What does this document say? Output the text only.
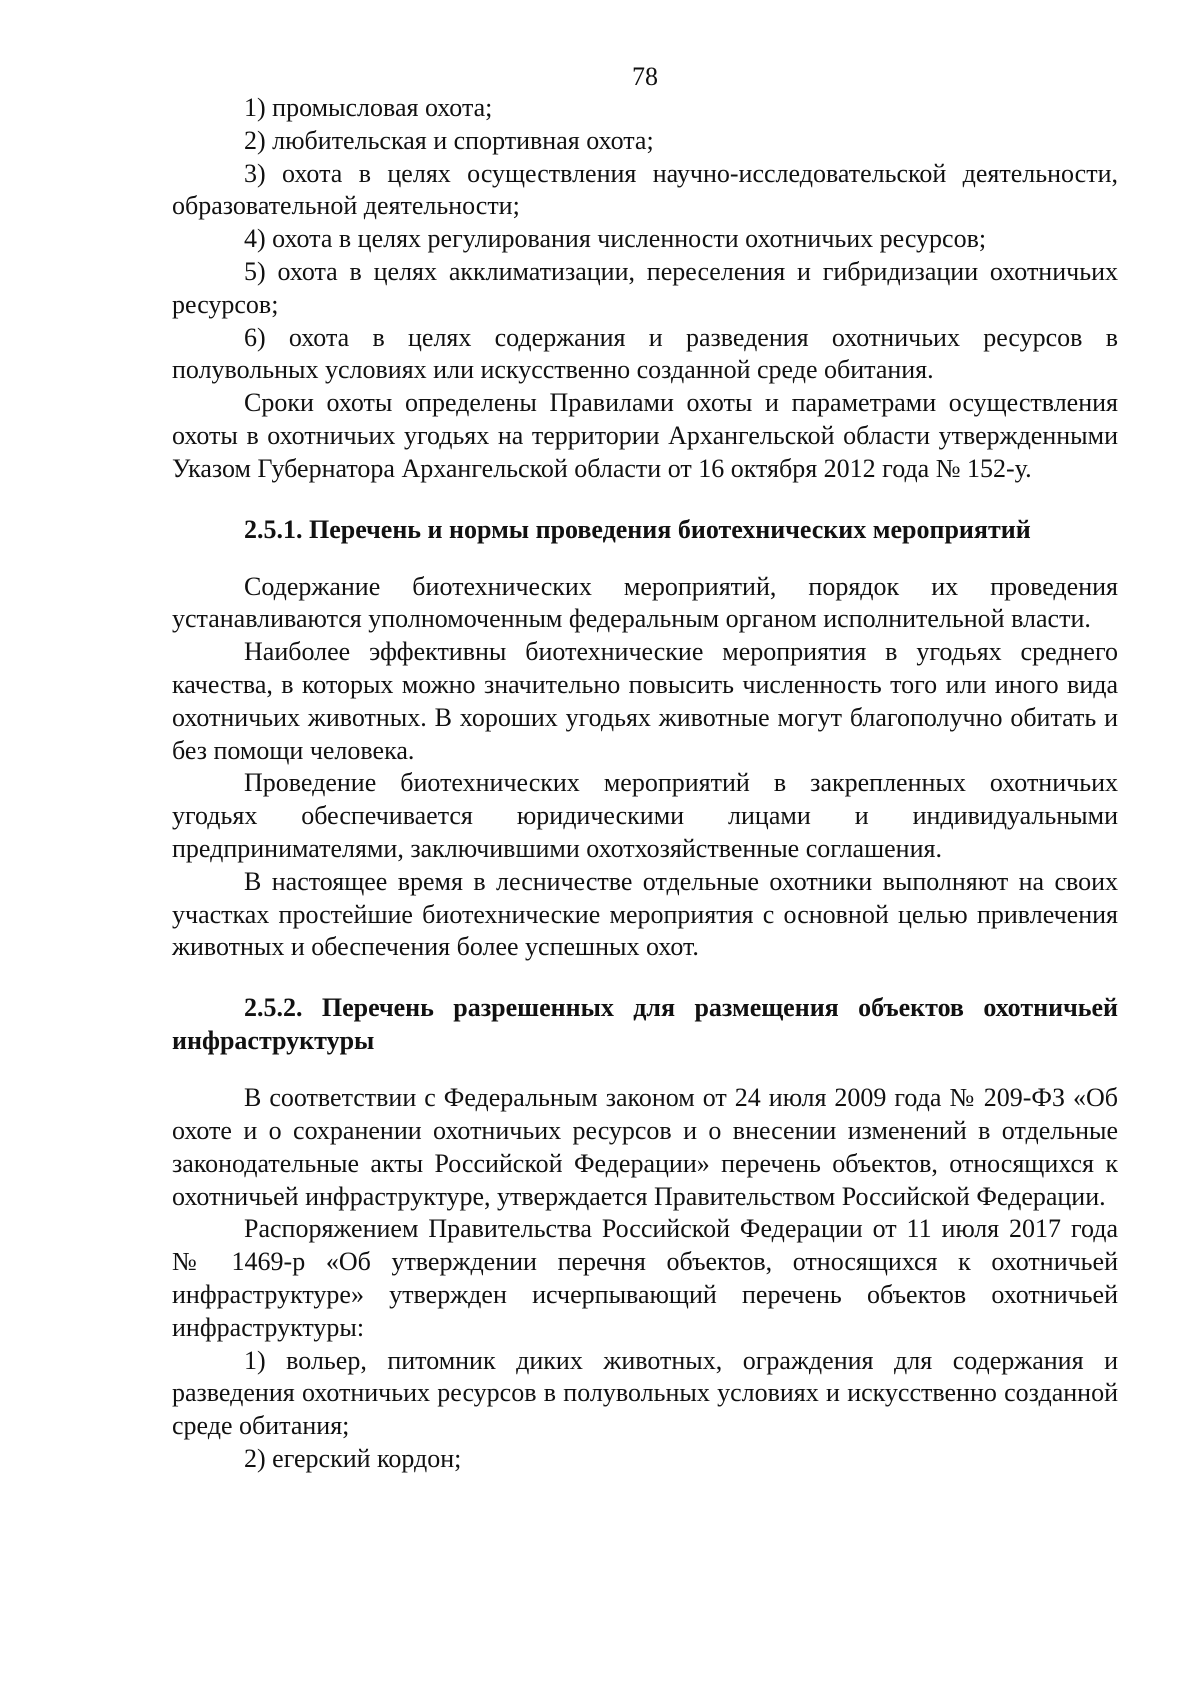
78

1) промысловая охота;

2) любительская и спортивная охота;

3) охота в целях осуществления научно-исследовательской деятельности, образовательной деятельности;

4) охота в целях регулирования численности охотничьих ресурсов;

5) охота в целях акклиматизации, переселения и гибридизации охотничьих ресурсов;

6) охота в целях содержания и разведения охотничьих ресурсов в полувольных условиях или искусственно созданной среде обитания.

Сроки охоты определены Правилами охоты и параметрами осуществления охоты в охотничьих угодьях на территории Архангельской области утвержденными Указом Губернатора Архангельской области от 16 октября 2012 года № 152-у.

2.5.1. Перечень и нормы проведения биотехнических мероприятий

Содержание биотехнических мероприятий, порядок их проведения устанавливаются уполномоченным федеральным органом исполнительной власти.

Наиболее эффективны биотехнические мероприятия в угодьях среднего качества, в которых можно значительно повысить численность того или иного вида охотничьих животных. В хороших угодьях животные могут благополучно обитать и без помощи человека.

Проведение биотехнических мероприятий в закрепленных охотничьих угодьях обеспечивается юридическими лицами и индивидуальными предпринимателями, заключившими охотхозяйственные соглашения.

В настоящее время в лесничестве отдельные охотники выполняют на своих участках простейшие биотехнические мероприятия с основной целью привлечения животных и обеспечения более успешных охот.

2.5.2. Перечень разрешенных для размещения объектов охотничьей инфраструктуры

В соответствии с Федеральным законом от 24 июля 2009 года № 209-ФЗ «Об охоте и о сохранении охотничьих ресурсов и о внесении изменений в отдельные законодательные акты Российской Федерации» перечень объектов, относящихся к охотничьей инфраструктуре, утверждается Правительством Российской Федерации.

Распоряжением Правительства Российской Федерации от 11 июля 2017 года № 1469-р «Об утверждении перечня объектов, относящихся к охотничьей инфраструктуре» утвержден исчерпывающий перечень объектов охотничьей инфраструктуры:

1) вольер, питомник диких животных, ограждения для содержания и разведения охотничьих ресурсов в полувольных условиях и искусственно созданной среде обитания;

2) егерский кордон;
